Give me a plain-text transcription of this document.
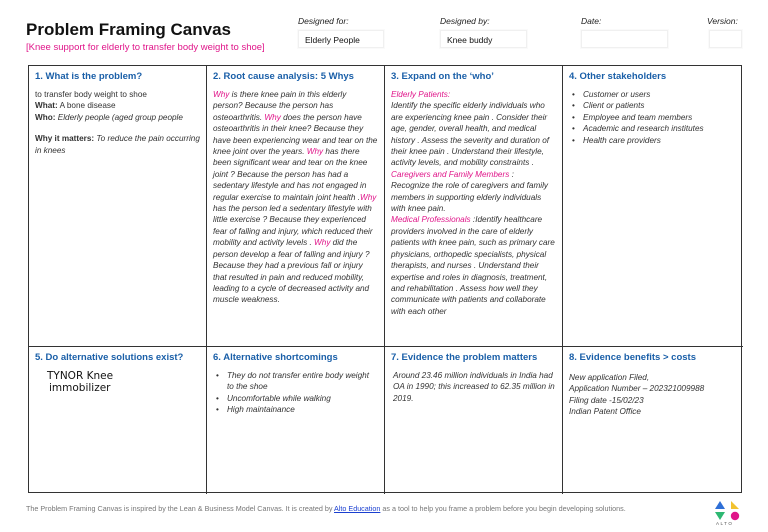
Problem Framing Canvas
[Knee support for elderly to transfer body weight to shoe]
Designed for:
Elderly People
Designed by:
Knee buddy
Date:	Version:
1. What is the problem?
to transfer body weight to shoe
What: A bone disease
Who: Elderly people (aged group people
Why it matters: To reduce the pain occurring in knees
2. Root cause analysis: 5 Whys
Why is there knee pain in this elderly person? Because the person has osteoarthritis. Why does the person have osteoarthritis in their knee? Because they have been experiencing wear and tear on the knee joint over the years. Why has there been significant wear and tear on the knee joint ? Because the person has had a sedentary lifestyle and has not engaged in regular exercise to maintain joint health .Why has the person led a sedentary lifestyle with little exercise ? Because they experienced fear of falling and injury, which reduced their mobility and activity levels . Why did the person develop a fear of falling and injury ? Because they had a previous fall or injury that resulted in pain and reduced mobility, leading to a cycle of decreased activity and muscle weakness.
3. Expand on the ‘who’
Elderly Patients:
Identify the specific elderly individuals who are experiencing knee pain . Consider their age, gender, overall health, and medical history . Assess the severity and duration of their knee pain . Understand their lifestyle, activity levels, and mobility constraints .
Caregivers and Family Members :
Recognize the role of caregivers and family members in supporting elderly individuals with knee pain.
Medical Professionals :Identify healthcare providers involved in the care of elderly patients with knee pain, such as primary care physicians, orthopedic specialists, physical therapists, and nurses . Understand their expertise and roles in diagnosis, treatment, and rehabilitation . Assess how well they communicate with patients and collaborate with each other
4. Other stakeholders
• Customer or users
• Client or patients
• Employee and team members
• Academic and research institutes
• Health care providers
5. Do alternative solutions exist?
TYNOR Knee
immobilizer
6. Alternative shortcomings
• They do not transfer entire body weight to the shoe
• Uncomfortable while walking
• High maintainance
7. Evidence the problem matters
Around 23.46 million individuals in India had OA in 1990; this increased to 62.35 million in 2019.
8. Evidence benefits > costs
New application Filed,
Application Number – 202321009988
Filing date -15/02/23
Indian Patent Office
The Problem Framing Canvas is inspired by the Lean & Business Model Canvas. It is created by Alto Education as a tool to help you frame a problem before you begin developing solutions.
ALTO
